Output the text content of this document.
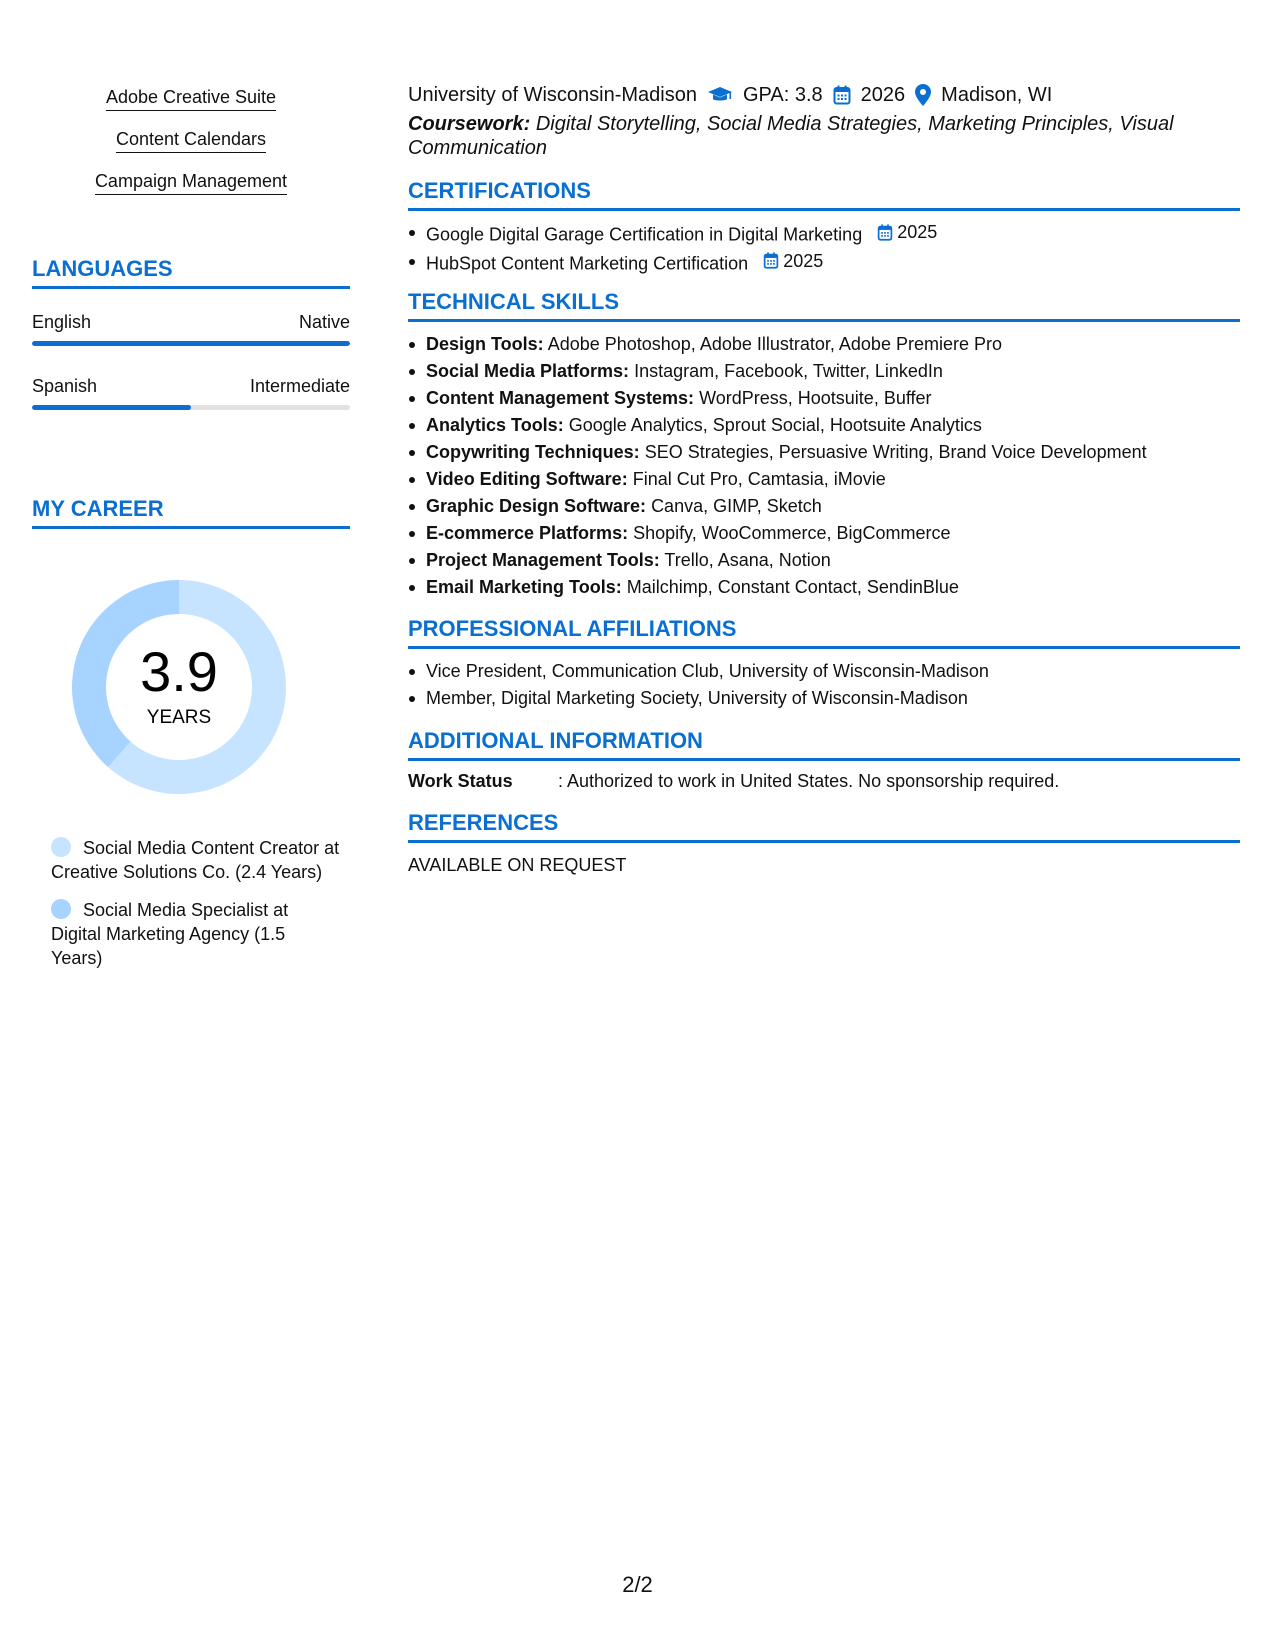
Adobe Creative Suite
Content Calendars
Campaign Management
LANGUAGES
English	Native
Spanish	Intermediate
MY CAREER
3.9
YEARS
Social Media Content Creator at Creative Solutions Co. (2.4 Years)
Social Media Specialist at Digital Marketing Agency (1.5 Years)
University of Wisconsin-Madison GPA: 3.8 2026 Madison, WI
Coursework: Digital Storytelling, Social Media Strategies, Marketing Principles, Visual Communication
CERTIFICATIONS
Google Digital Garage Certification in Digital Marketing 2025
HubSpot Content Marketing Certification 2025
TECHNICAL SKILLS
Design Tools: Adobe Photoshop, Adobe Illustrator, Adobe Premiere Pro
Social Media Platforms: Instagram, Facebook, Twitter, LinkedIn
Content Management Systems: WordPress, Hootsuite, Buffer
Analytics Tools: Google Analytics, Sprout Social, Hootsuite Analytics
Copywriting Techniques: SEO Strategies, Persuasive Writing, Brand Voice Development
Video Editing Software: Final Cut Pro, Camtasia, iMovie
Graphic Design Software: Canva, GIMP, Sketch
E-commerce Platforms: Shopify, WooCommerce, BigCommerce
Project Management Tools: Trello, Asana, Notion
Email Marketing Tools: Mailchimp, Constant Contact, SendinBlue
PROFESSIONAL AFFILIATIONS
Vice President, Communication Club, University of Wisconsin-Madison
Member, Digital Marketing Society, University of Wisconsin-Madison
ADDITIONAL INFORMATION
Work Status	: Authorized to work in United States. No sponsorship required.
REFERENCES
AVAILABLE ON REQUEST
2/2
